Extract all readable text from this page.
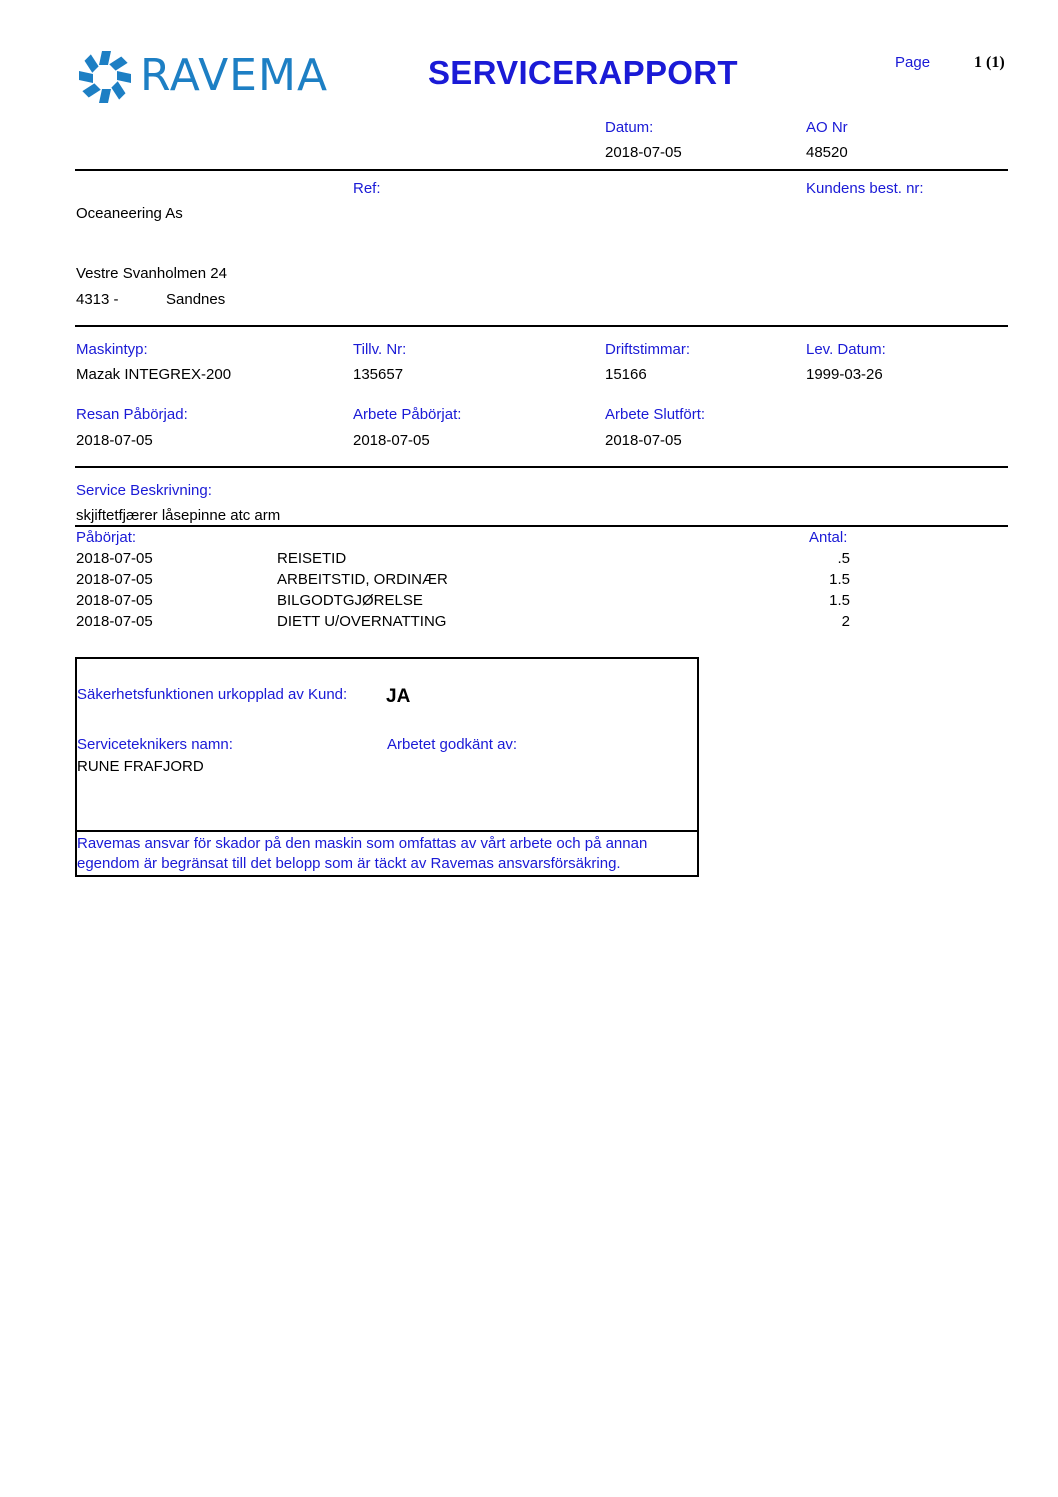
RAVEMA	SERVICERAPPORT	Page	1 (1)
Datum:	AO Nr
2018-07-05	48520
Ref:	Kundens best. nr:
Oceaneering As
Vestre Svanholmen 24
4313 -	Sandnes
Maskintyp:	Tillv. Nr:	Driftstimmar:	Lev. Datum:
Mazak INTEGREX-200	135657	15166	1999-03-26
Resan Påbörjad:	Arbete Påbörjat:	Arbete Slutfört:
2018-07-05	2018-07-05	2018-07-05
Service Beskrivning:
skjiftetfjærer låsepinne atc arm
Påbörjat:	Antal:
2018-07-05	REISETID	.5
2018-07-05	ARBEITSTID, ORDINÆR	1.5
2018-07-05	BILGODTGJØRELSE	1.5
2018-07-05	DIETT U/OVERNATTING	2
Säkerhetsfunktionen urkopplad av Kund: JA
Serviceteknikers namn:	Arbetet godkänt av:
RUNE FRAFJORD
Ravemas ansvar för skador på den maskin som omfattas av vårt arbete och på annan egendom är begränsat till det belopp som är täckt av Ravemas ansvarsförsäkring.
